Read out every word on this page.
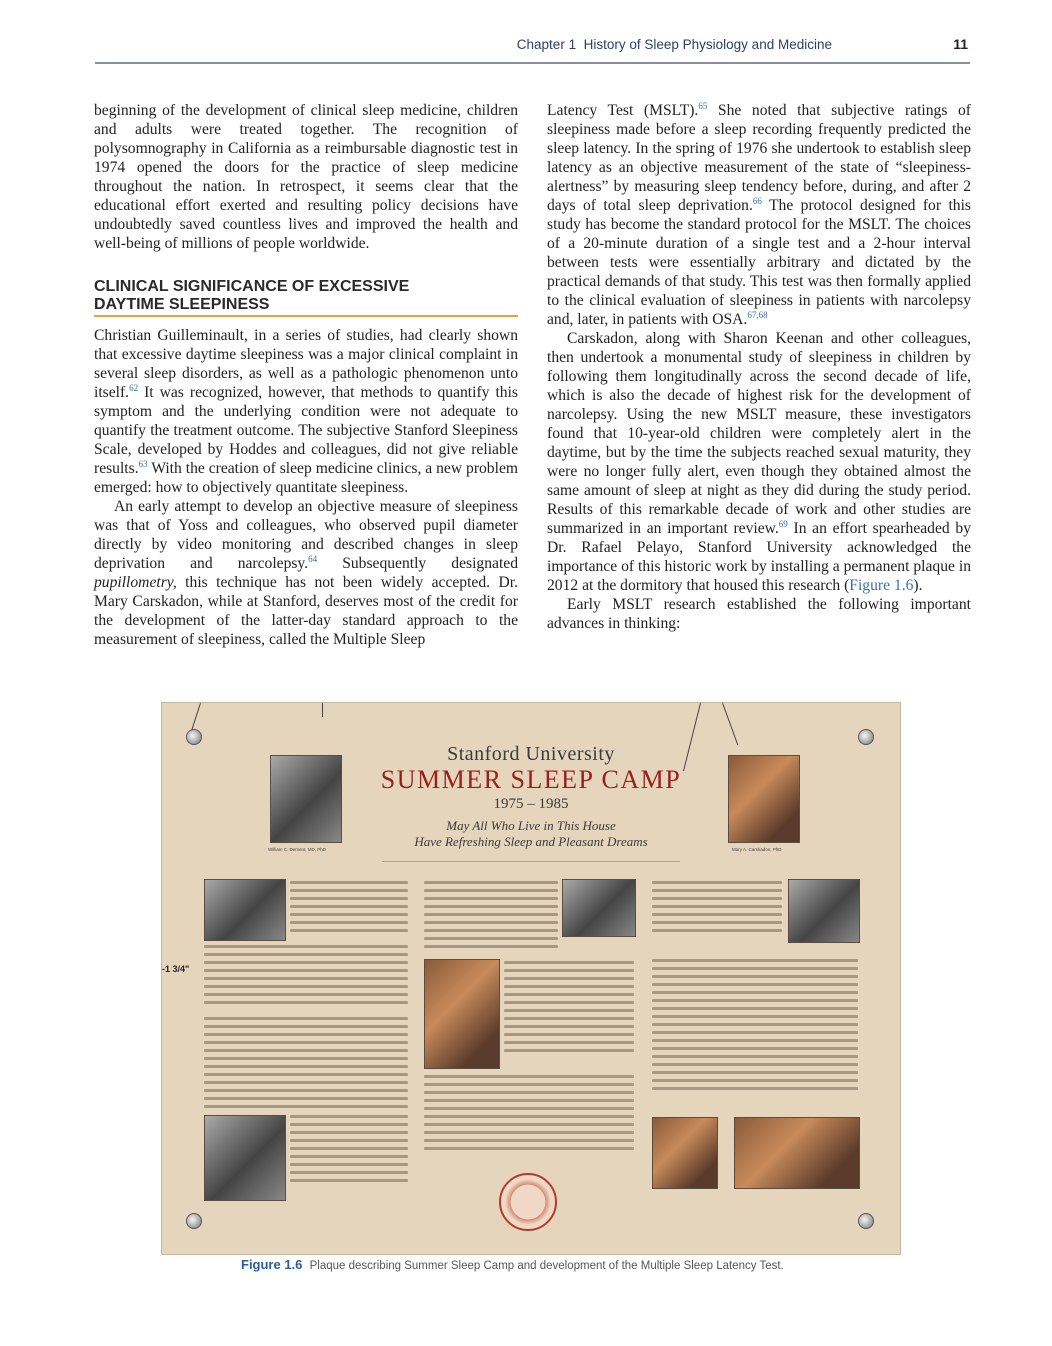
Chapter 1 History of Sleep Physiology and Medicine	11

beginning of the development of clinical sleep medicine, children and adults were treated together. The recognition of polysomnography in California as a reimbursable diagnostic test in 1974 opened the doors for the practice of sleep medicine throughout the nation. In retrospect, it seems clear that the educational effort exerted and resulting policy decisions have undoubtedly saved countless lives and improved the health and well-being of millions of people worldwide.

CLINICAL SIGNIFICANCE OF EXCESSIVE
DAYTIME SLEEPINESS

Christian Guilleminault, in a series of studies, had clearly shown that excessive daytime sleepiness was a major clinical complaint in several sleep disorders, as well as a pathologic phenomenon unto itself.$^{62}$ It was recognized, however, that methods to quantify this symptom and the underlying condition were not adequate to quantify the treatment outcome. The subjective Stanford Sleepiness Scale, developed by Hoddes and colleagues, did not give reliable results.$^{63}$ With the creation of sleep medicine clinics, a new problem emerged: how to objectively quantitate sleepiness.

An early attempt to develop an objective measure of sleepiness was that of Yoss and colleagues, who observed pupil diameter directly by video monitoring and described changes in sleep deprivation and narcolepsy.$^{64}$ Subsequently designated pupillometry, this technique has not been widely accepted. Dr. Mary Carskadon, while at Stanford, deserves most of the credit for the development of the latter-day standard approach to the measurement of sleepiness, called the Multiple Sleep

Latency Test (MSLT).$^{65}$ She noted that subjective ratings of sleepiness made before a sleep recording frequently predicted the sleep latency. In the spring of 1976 she undertook to establish sleep latency as an objective measurement of the state of “sleepiness-alertness” by measuring sleep tendency before, during, and after 2 days of total sleep deprivation.$^{66}$ The protocol designed for this study has become the standard protocol for the MSLT. The choices of a 20-minute duration of a single test and a 2-hour interval between tests were essentially arbitrary and dictated by the practical demands of that study. This test was then formally applied to the clinical evaluation of sleepiness in patients with narcolepsy and, later, in patients with OSA.$^{67,68}$

Carskadon, along with Sharon Keenan and other colleagues, then undertook a monumental study of sleepiness in children by following them longitudinally across the second decade of life, which is also the decade of highest risk for the development of narcolepsy. Using the new MSLT measure, these investigators found that 10-year-old children were completely alert in the daytime, but by the time the subjects reached sexual maturity, they were no longer fully alert, even though they obtained almost the same amount of sleep at night as they did during the study period. Results of this remarkable decade of work and other studies are summarized in an important review.$^{69}$ In an effort spearheaded by Dr. Rafael Pelayo, Stanford University acknowledged the importance of this historic work by installing a permanent plaque in 2012 at the dormitory that housed this research (Figure 1.6).

Early MSLT research established the following important advances in thinking:

Stanford University
SUMMER SLEEP CAMP
1975 – 1985
May All Who Live in This House
Have Refreshing Sleep and Pleasant Dreams
William C. Dement, MD, PhD	Mary A. Carskadon, PhD
-1 3/4"
Figure 1.6 Plaque describing Summer Sleep Camp and development of the Multiple Sleep Latency Test.
